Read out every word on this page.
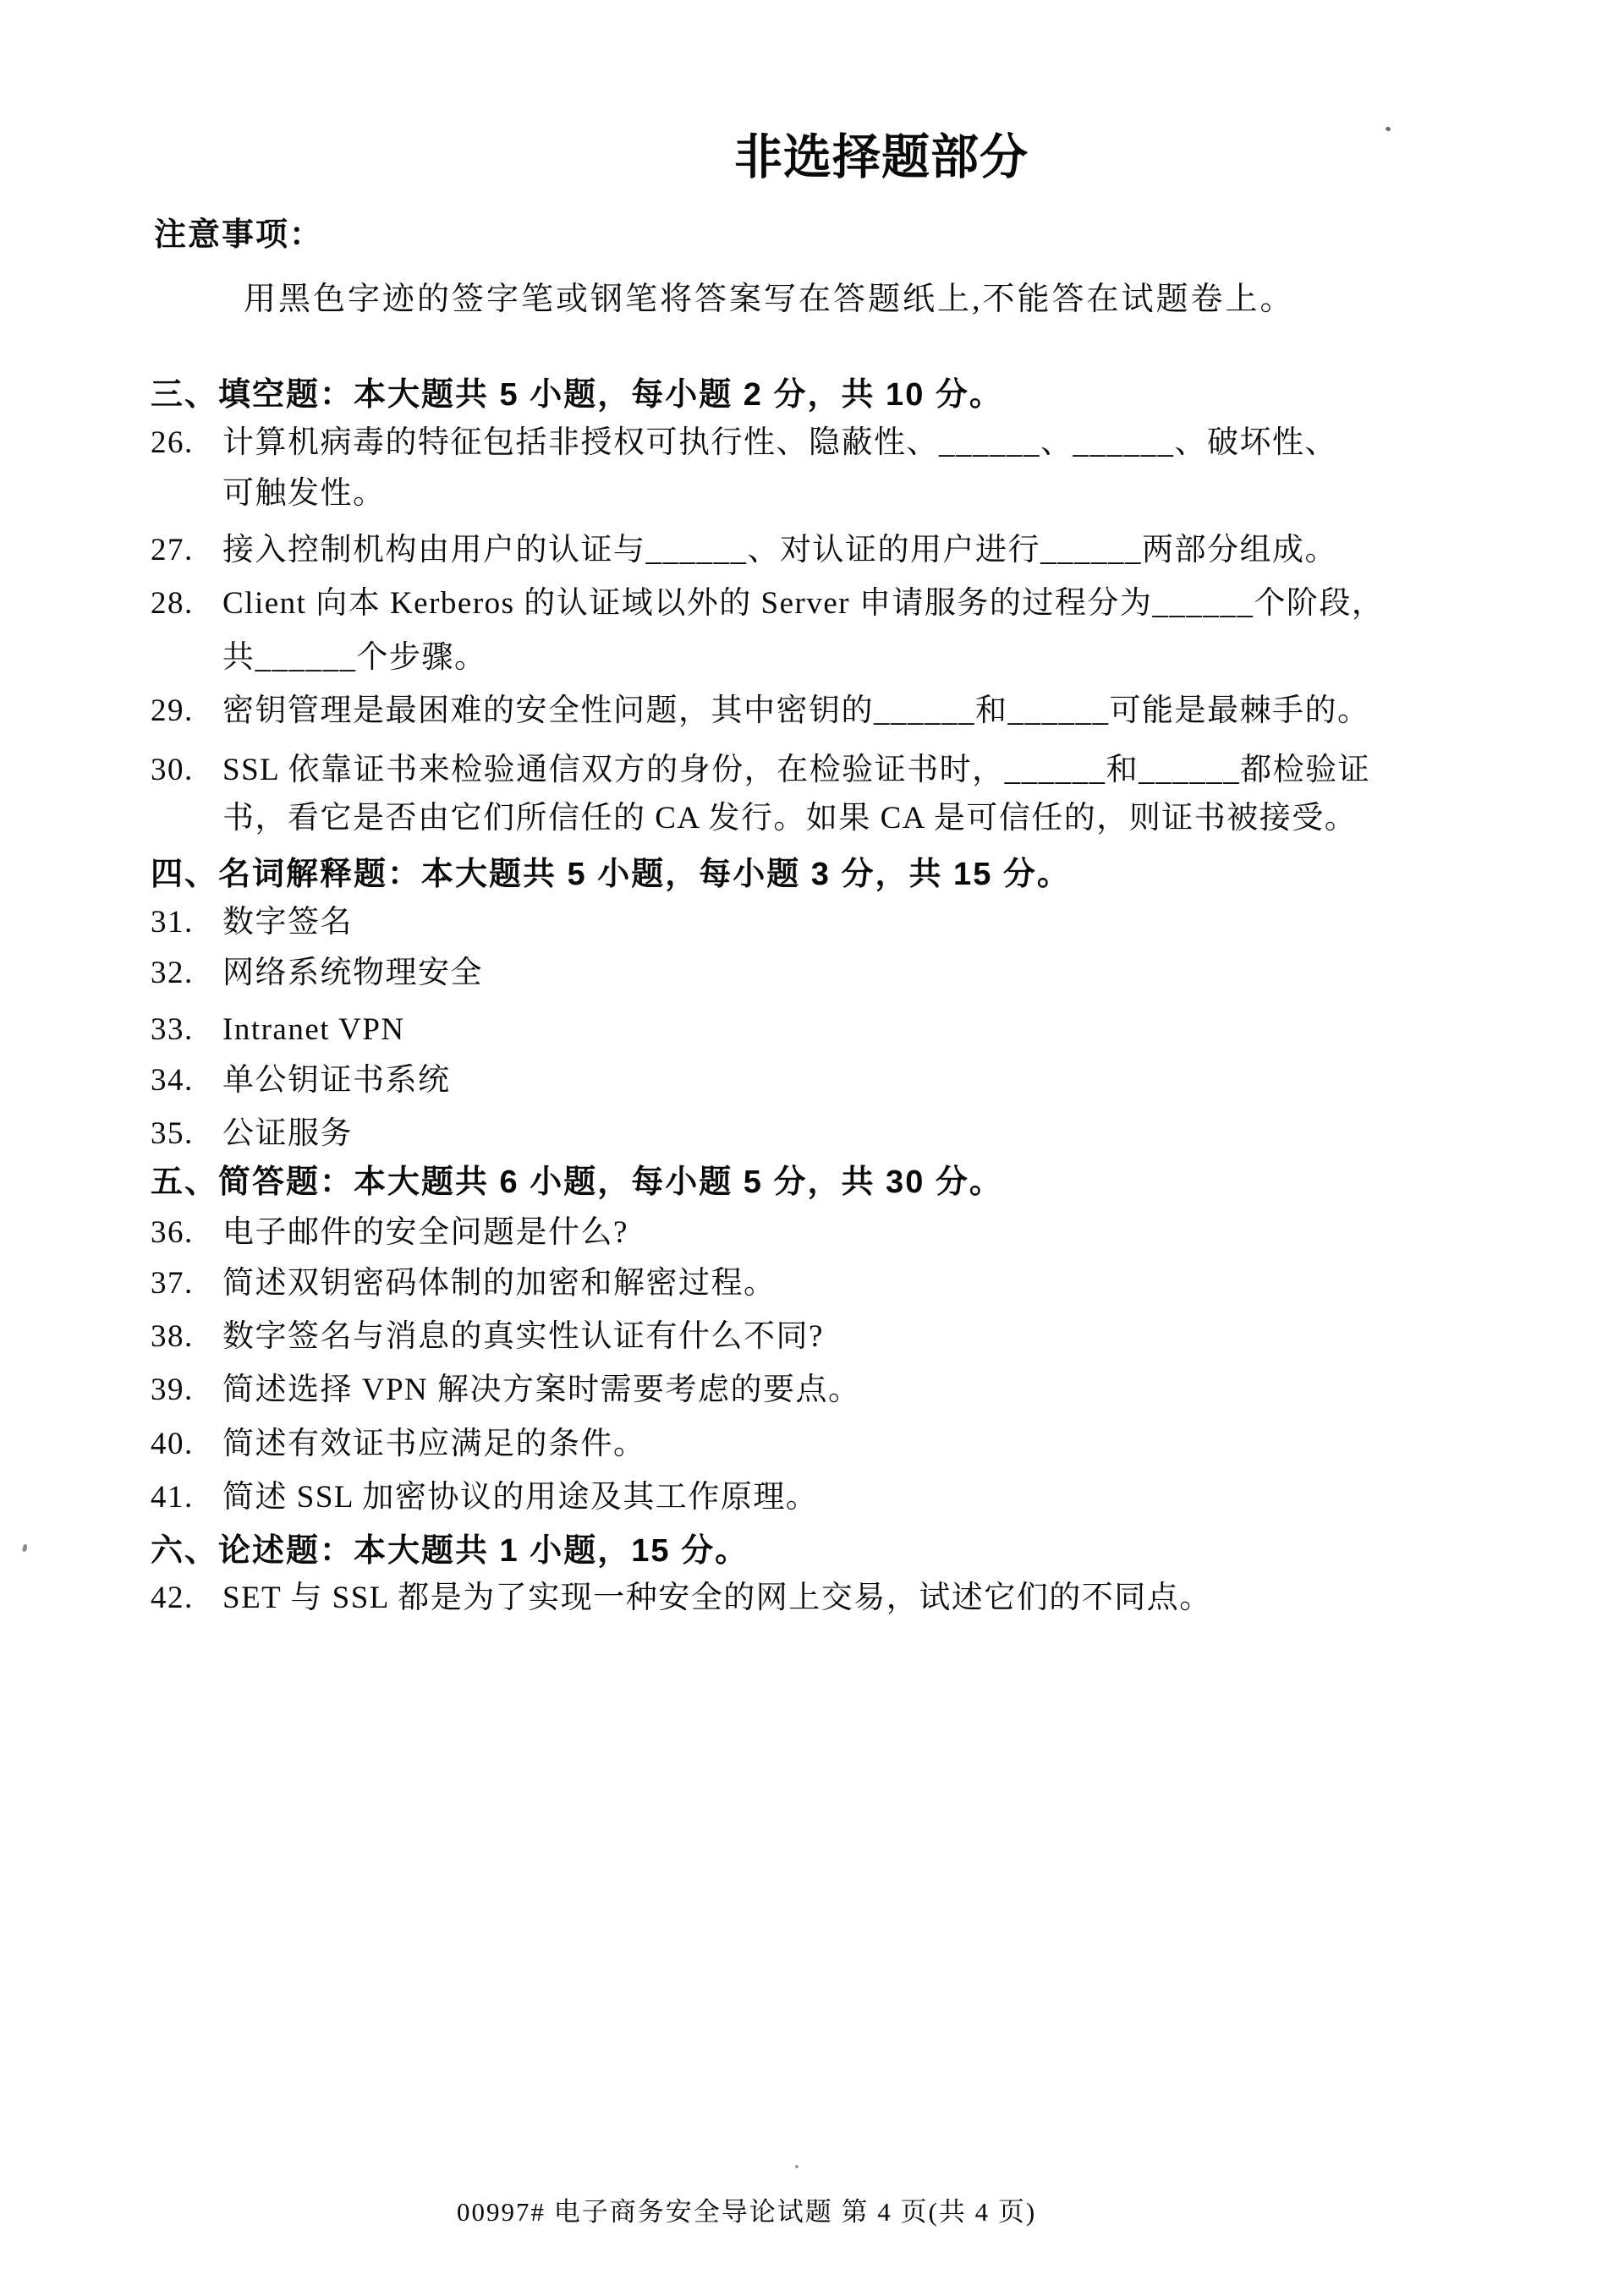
非选择题部分
注意事项：
用黑色字迹的签字笔或钢笔将答案写在答题纸上,不能答在试题卷上。
三、填空题：本大题共 5 小题，每小题 2 分，共 10 分。
26. 计算机病毒的特征包括非授权可执行性、隐蔽性、______、______、破坏性、
可触发性。
27. 接入控制机构由用户的认证与______、对认证的用户进行______两部分组成。
28. Client 向本 Kerberos 的认证域以外的 Server 申请服务的过程分为______个阶段，
共______个步骤。
29. 密钥管理是最困难的安全性问题，其中密钥的______和______可能是最棘手的。
30. SSL 依靠证书来检验通信双方的身份，在检验证书时，______和______都检验证
书，看它是否由它们所信任的 CA 发行。如果 CA 是可信任的，则证书被接受。
四、名词解释题：本大题共 5 小题，每小题 3 分，共 15 分。
31. 数字签名
32. 网络系统物理安全
33. Intranet VPN
34. 单公钥证书系统
35. 公证服务
五、简答题：本大题共 6 小题，每小题 5 分，共 30 分。
36. 电子邮件的安全问题是什么?
37. 简述双钥密码体制的加密和解密过程。
38. 数字签名与消息的真实性认证有什么不同?
39. 简述选择 VPN 解决方案时需要考虑的要点。
40. 简述有效证书应满足的条件。
41. 简述 SSL 加密协议的用途及其工作原理。
六、论述题：本大题共 1 小题，15 分。
42. SET 与 SSL 都是为了实现一种安全的网上交易，试述它们的不同点。
00997# 电子商务安全导论试题 第 4 页(共 4 页)
